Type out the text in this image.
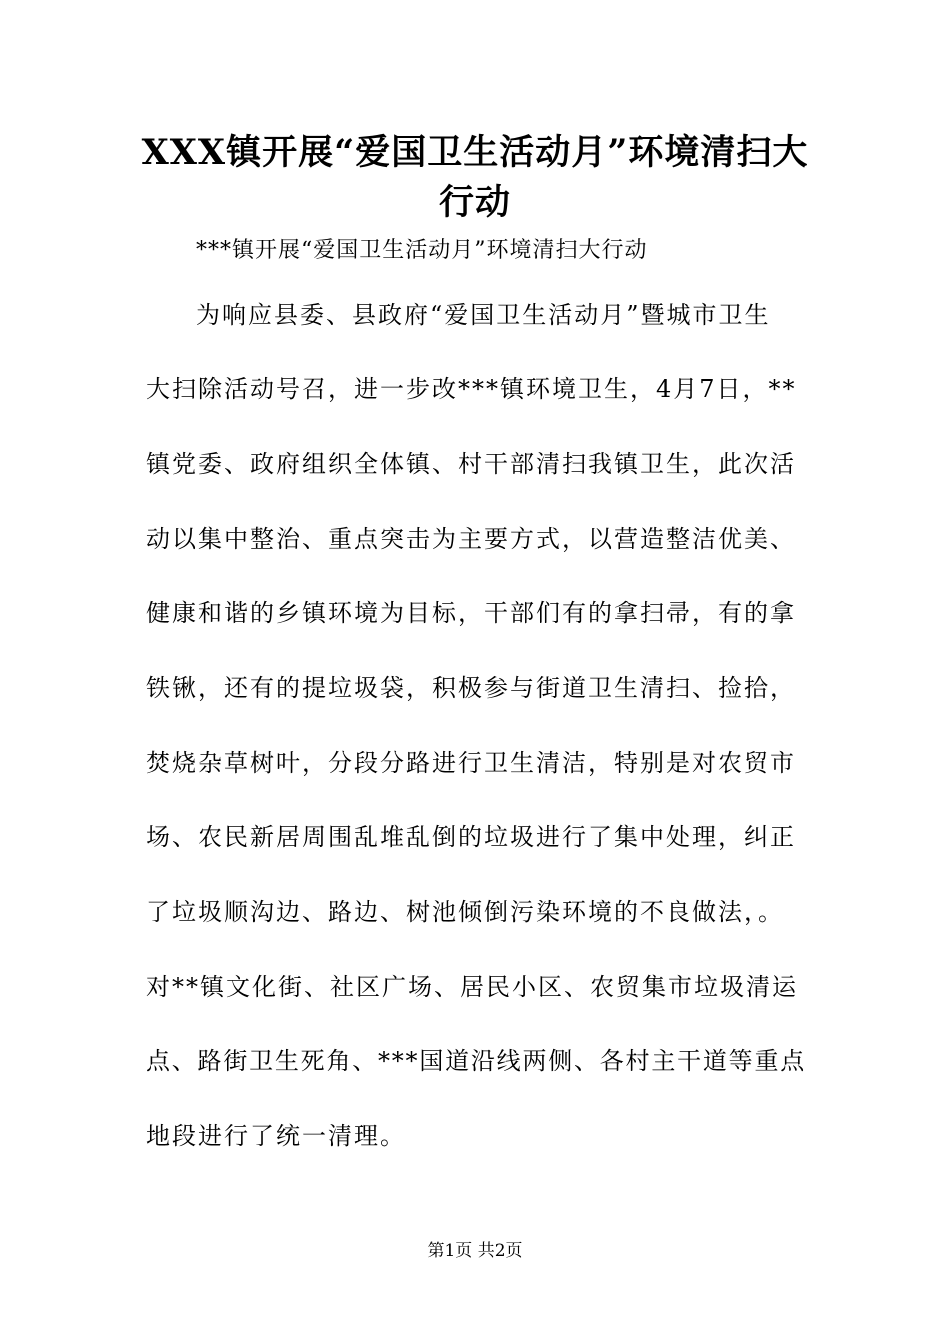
XXX镇开展“爱国卫生活动月”环境清扫大
行动
***镇开展“爱国卫生活动月”环境清扫大行动
为响应县委、县政府“爱国卫生活动月”暨城市卫生
大扫除活动号召，进一步改***镇环境卫生，4月7日，**
镇党委、政府组织全体镇、村干部清扫我镇卫生，此次活
动以集中整治、重点突击为主要方式，以营造整洁优美、
健康和谐的乡镇环境为目标，干部们有的拿扫帚，有的拿
铁锹，还有的提垃圾袋，积极参与街道卫生清扫、捡拾，
焚烧杂草树叶，分段分路进行卫生清洁，特别是对农贸市
场、农民新居周围乱堆乱倒的垃圾进行了集中处理，纠正
了垃圾顺沟边、路边、树池倾倒污染环境的不良做法，。
对**镇文化街、社区广场、居民小区、农贸集市垃圾清运
点、路街卫生死角、***国道沿线两侧、各村主干道等重点
地段进行了统一清理。
第1页 共2页
